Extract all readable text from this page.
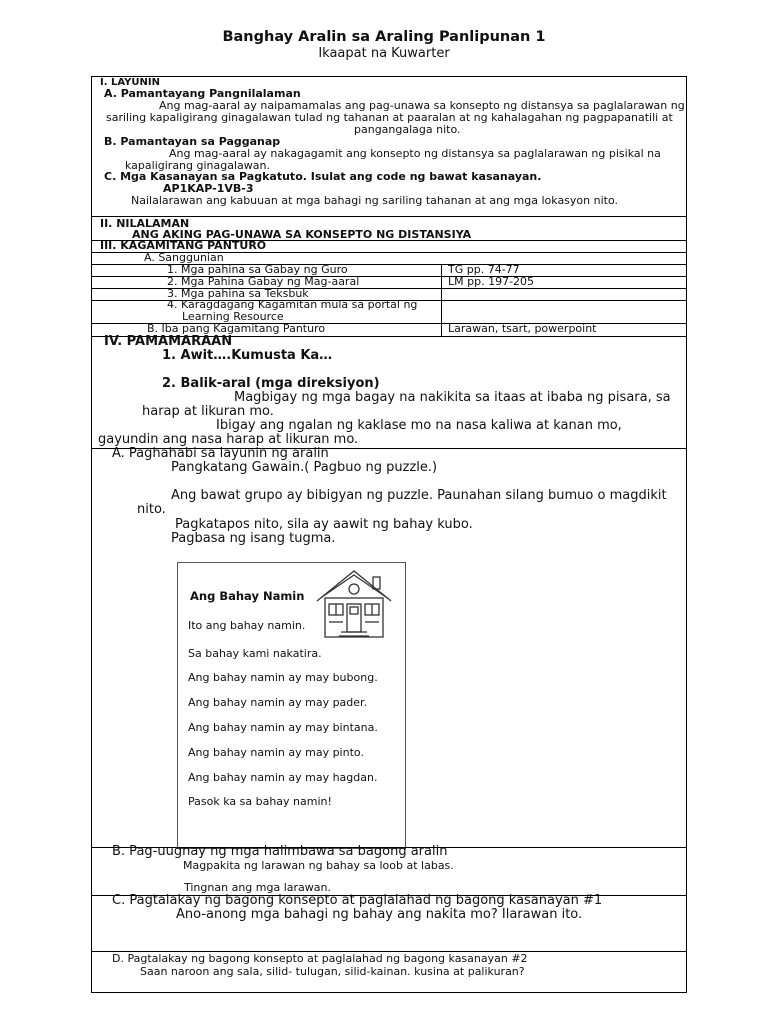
Banghay Aralin sa Araling Panlipunan 1
Ikaapat na Kuwarter
I. LAYUNIN
A. Pamantayang Pangnilalaman
Ang mag-aaral ay naipamamalas ang pag-unawa sa konsepto ng distansya sa paglalarawan ng
sariling kapaligirang ginagalawan tulad ng tahanan at paaralan at ng kahalagahan ng pagpapanatili at
pangangalaga nito.
B. Pamantayan sa Pagganap
Ang mag-aaral ay nakagagamit ang konsepto ng distansya sa paglalarawan ng pisikal na
kapaligirang ginagalawan.
C. Mga Kasanayan sa Pagkatuto. Isulat ang code ng bawat kasanayan.
AP1KAP-1VB-3
Nailalarawan ang kabuuan at mga bahagi ng sariling tahanan at ang mga lokasyon nito.
II. NILALAMAN
ANG AKING PAG-UNAWA SA KONSEPTO NG DISTANSIYA
III. KAGAMITANG PANTURO
A. Sanggunian
1. Mga pahina sa Gabay ng Guro	TG pp. 74-77
2. Mga Pahina Gabay ng Mag-aaral	LM pp. 197-205
3. Mga pahina sa Teksbuk
4. Karagdagang Kagamitan mula sa portal ng
Learning Resource
B. Iba pang Kagamitang Panturo	Larawan, tsart, powerpoint
IV. PAMAMARAAN
1. Awit….Kumusta Ka…
2. Balik-aral (mga direksiyon)
Magbigay ng mga bagay na nakikita sa itaas at ibaba ng pisara, sa
harap at likuran mo.
Ibigay ang ngalan ng kaklase mo na nasa kaliwa at kanan mo,
gayundin ang nasa harap at likuran mo.
A. Paghahabi sa layunin ng aralin
Pangkatang Gawain.( Pagbuo ng puzzle.)
Ang bawat grupo ay bibigyan ng puzzle. Paunahan silang bumuo o magdikit
nito.
Pagkatapos nito, sila ay aawit ng bahay kubo.
Pagbasa ng isang tugma.
Ang Bahay Namin
Ito ang bahay namin.
Sa bahay kami nakatira.
Ang bahay namin ay may bubong.
Ang bahay namin ay may pader.
Ang bahay namin ay may bintana.
Ang bahay namin ay may pinto.
Ang bahay namin ay may hagdan.
Pasok ka sa bahay namin!
B. Pag-uugnay ng mga halimbawa sa bagong aralin
Magpakita ng larawan ng bahay sa loob at labas.
Tingnan ang mga larawan.
C. Pagtalakay ng bagong konsepto at paglalahad ng bagong kasanayan #1
Ano-anong mga bahagi ng bahay ang nakita mo? Ilarawan ito.
D. Pagtalakay ng bagong konsepto at paglalahad ng bagong kasanayan #2
Saan naroon ang sala, silid- tulugan, silid-kainan. kusina at palikuran?
